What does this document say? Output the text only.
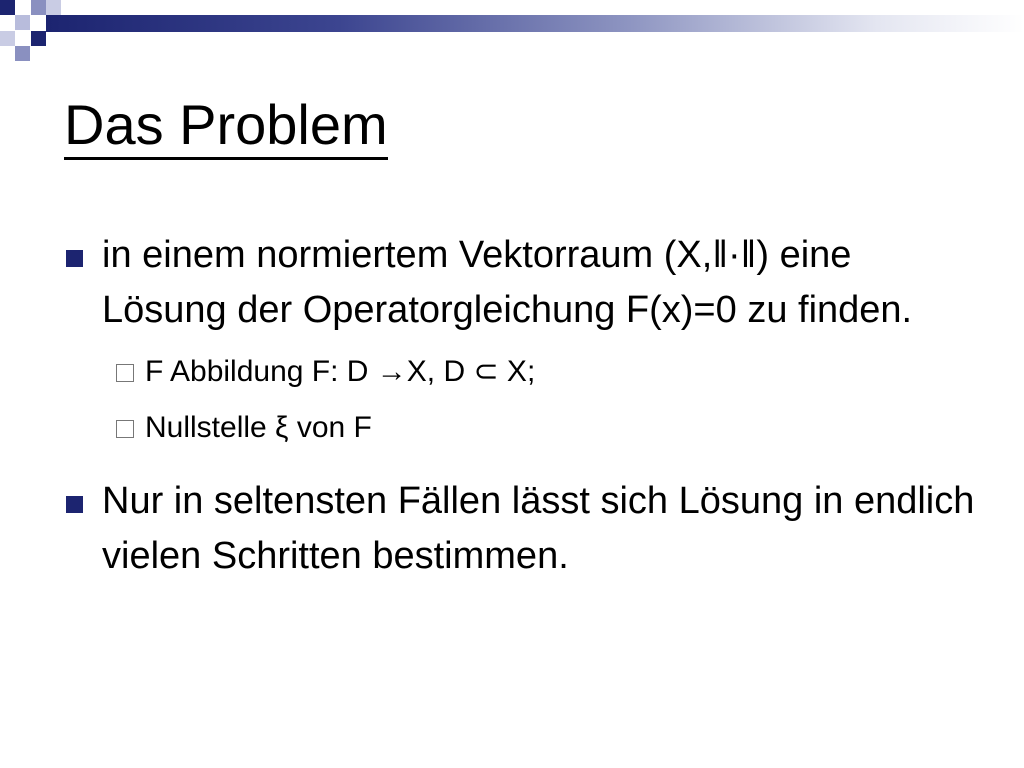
Das Problem
in einem normiertem Vektorraum (X,‖·‖) eine Lösung der Operatorgleichung F(x)=0 zu finden.
F Abbildung F: D →X, D ⊂ X;
Nullstelle ξ von F
Nur in seltensten Fällen lässt sich Lösung in endlich vielen Schritten bestimmen.
